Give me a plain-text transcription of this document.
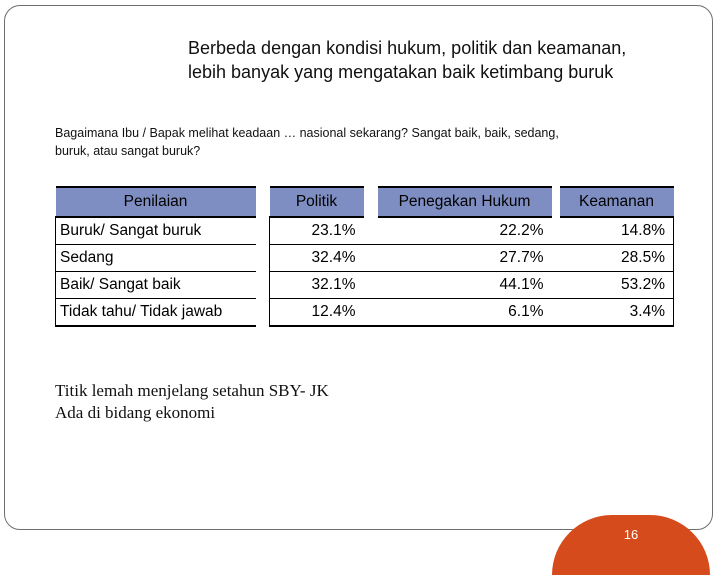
Berbeda dengan kondisi hukum, politik dan keamanan,
lebih banyak yang mengatakan baik ketimbang buruk
Bagaimana Ibu / Bapak melihat keadaan … nasional sekarang? Sangat baik, baik, sedang,
buruk, atau sangat buruk?
Penilaian		Politik		Penegakan Hukum		Keamanan
Buruk/ Sangat buruk		23.1%		22.2%		14.8%
Sedang		32.4%		27.7%		28.5%
Baik/ Sangat baik		32.1%		44.1%		53.2%
Tidak tahu/ Tidak jawab		12.4%		6.1%		3.4%
Titik lemah menjelang setahun SBY- JK
Ada di bidang ekonomi
16
